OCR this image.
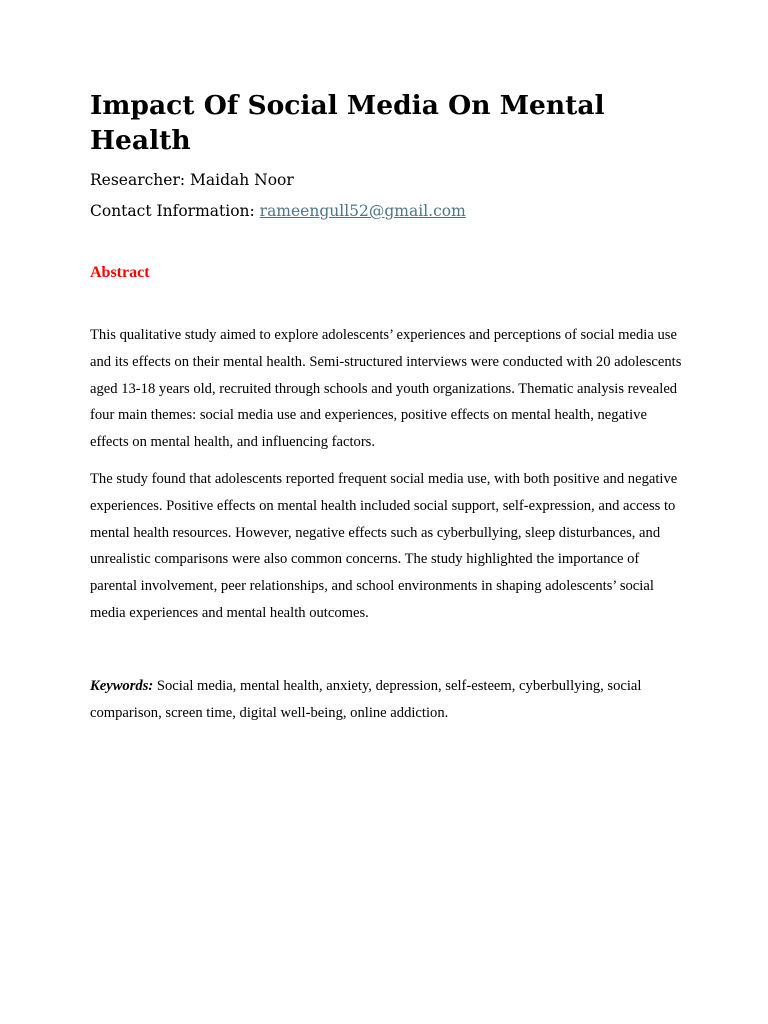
Impact Of Social Media On Mental Health

Researcher: Maidah Noor

Contact Information: rameengull52@gmail.com

Abstract

This qualitative study aimed to explore adolescents’ experiences and perceptions of social media use and its effects on their mental health. Semi-structured interviews were conducted with 20 adolescents aged 13-18 years old, recruited through schools and youth organizations. Thematic analysis revealed four main themes: social media use and experiences, positive effects on mental health, negative effects on mental health, and influencing factors.

The study found that adolescents reported frequent social media use, with both positive and negative experiences. Positive effects on mental health included social support, self-expression, and access to mental health resources. However, negative effects such as cyberbullying, sleep disturbances, and unrealistic comparisons were also common concerns. The study highlighted the importance of parental involvement, peer relationships, and school environments in shaping adolescents’ social media experiences and mental health outcomes.

Keywords: Social media, mental health, anxiety, depression, self-esteem, cyberbullying, social comparison, screen time, digital well-being, online addiction.
